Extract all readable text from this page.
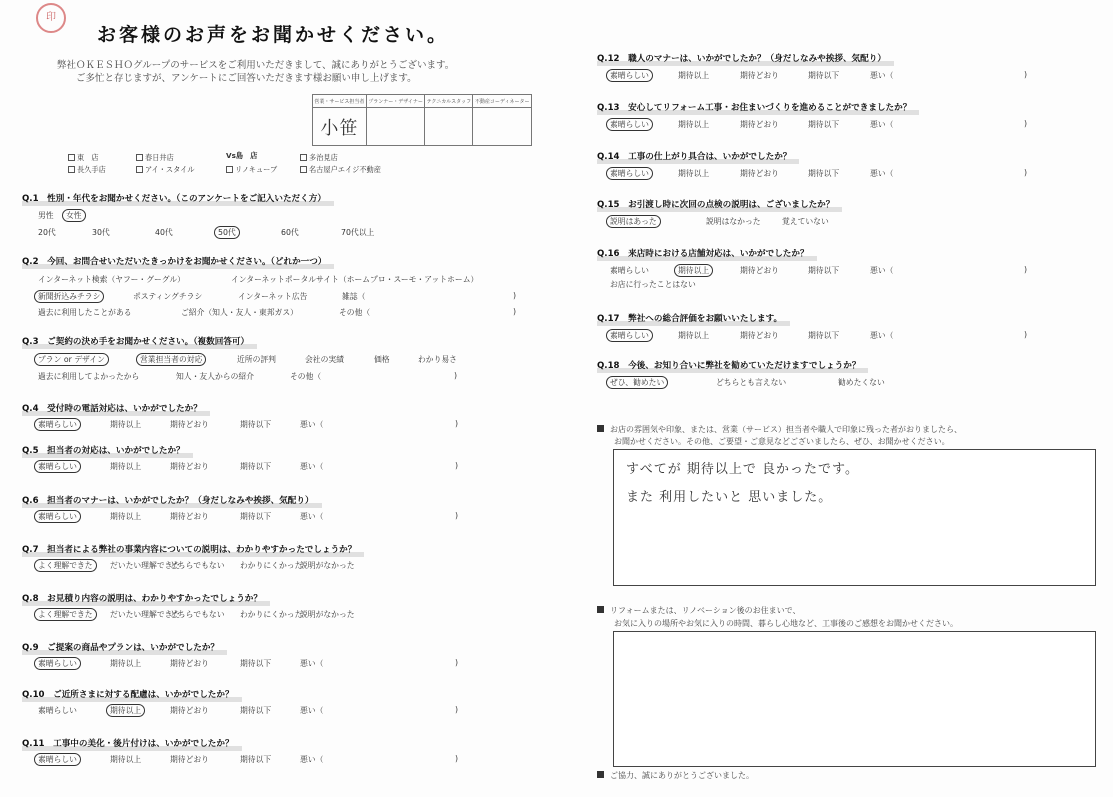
印
お客様のお声をお聞かせください。
弊社ＯＫＥＳＨＯグループのサービスをご利用いただきまして、誠にありがとうございます。
ご多忙と存じますが、アンケートにご回答いただきます様お願い申し上げます。
営業・サービス担当者	プランナー・デザイナー	テクニカルスタッフ	不動産コーディネーター
小笹			
東　店	春日井店	Vs島　店	多治見店
長久手店	アイ・スタイル	リノキューブ	名古屋户エイジ不動産
Q.1　性別・年代をお聞かせください。（このアンケートをご記入いただく方）
男性	女性
20代	30代	40代	50代	60代	70代以上
Q.2　今回、お問合せいただいたきっかけをお聞かせください。（どれか一つ）
インターネット検索（ヤフー・グーグル）	インターネットポータルサイト（ホームプロ・スーモ・アットホーム）
新聞折込みチラシ	ポスティングチラシ	インターネット広告	雑誌（	)
過去に利用したことがある	ご紹介（知人・友人・東邦ガス）	その他（	)
Q.3　ご契約の決め手をお聞かせください。（複数回答可）
プラン or デザイン	営業担当者の対応	近所の評判	会社の実績	価格	わかり易さ
過去に利用してよかったから	知人・友人からの紹介	その他（	)
Q.4　受付時の電話対応は、いかがでしたか？
素晴らしい	期待以上	期待どおり	期待以下	悪い（	)
Q.5　担当者の対応は、いかがでしたか？
素晴らしい	期待以上	期待どおり	期待以下	悪い（	)
Q.6　担当者のマナーは、いかがでしたか？（身だしなみや挨拶、気配り）
素晴らしい	期待以上	期待どおり	期待以下	悪い（	)
Q.7　担当者による弊社の事業内容についての説明は、わかりやすかったでしょうか？
よく理解できた	だいたい理解できた
どちらでもない わかりにくかった
説明がなかった
Q.8　お見積り内容の説明は、わかりやすかったでしょうか？
よく理解できた	だいたい理解できた
どちらでもない わかりにくかった
説明がなかった
Q.9　ご提案の商品やプランは、いかがでしたか？
素晴らしい	期待以上	期待どおり	期待以下	悪い（	)
Q.10　ご近所さまに対する配慮は、いかがでしたか？
素晴らしい	期待以上	期待どおり	期待以下	悪い（	)
Q.11　工事中の美化・後片付けは、いかがでしたか？
素晴らしい	期待以上	期待どおり	期待以下	悪い（	)
Q.12　職人のマナーは、いかがでしたか？（身だしなみや挨拶、気配り）
素晴らしい	期待以上	期待どおり	期待以下	悪い（	)
Q.13　安心してリフォーム工事・お住まいづくりを進めることができましたか？
素晴らしい	期待以上	期待どおり	期待以下	悪い（	)
Q.14　工事の仕上がり具合は、いかがでしたか？
素晴らしい	期待以上	期待どおり	期待以下	悪い（	)
Q.15　お引渡し時に次回の点検の説明は、ございましたか？
説明はあった	説明はなかった	覚えていない
Q.16　来店時における店舗対応は、いかがでしたか？
素晴らしい	期待以上	期待どおり	期待以下	悪い（	)
お店に行ったことはない
Q.17　弊社への総合評価をお願いいたします。
素晴らしい	期待以上	期待どおり	期待以下	悪い（	)
Q.18　今後、お知り合いに弊社を勧めていただけますでしょうか？
ぜひ、勧めたい	どちらとも言えない	勧めたくない
お店の雰囲気や印象、または、営業（サービス）担当者や職人で印象に残った者がおりましたら、
お聞かせください。その他、ご要望・ご意見などございましたら、ぜひ、お聞かせください。
すべてが 期待以上で 良かったです。
また 利用したいと 思いました。
リフォームまたは、リノベーション後のお住まいで、
お気に入りの場所やお気に入りの時間、暮らし心地など、工事後のご感想をお聞かせください。
ご協力、誠にありがとうございました。
